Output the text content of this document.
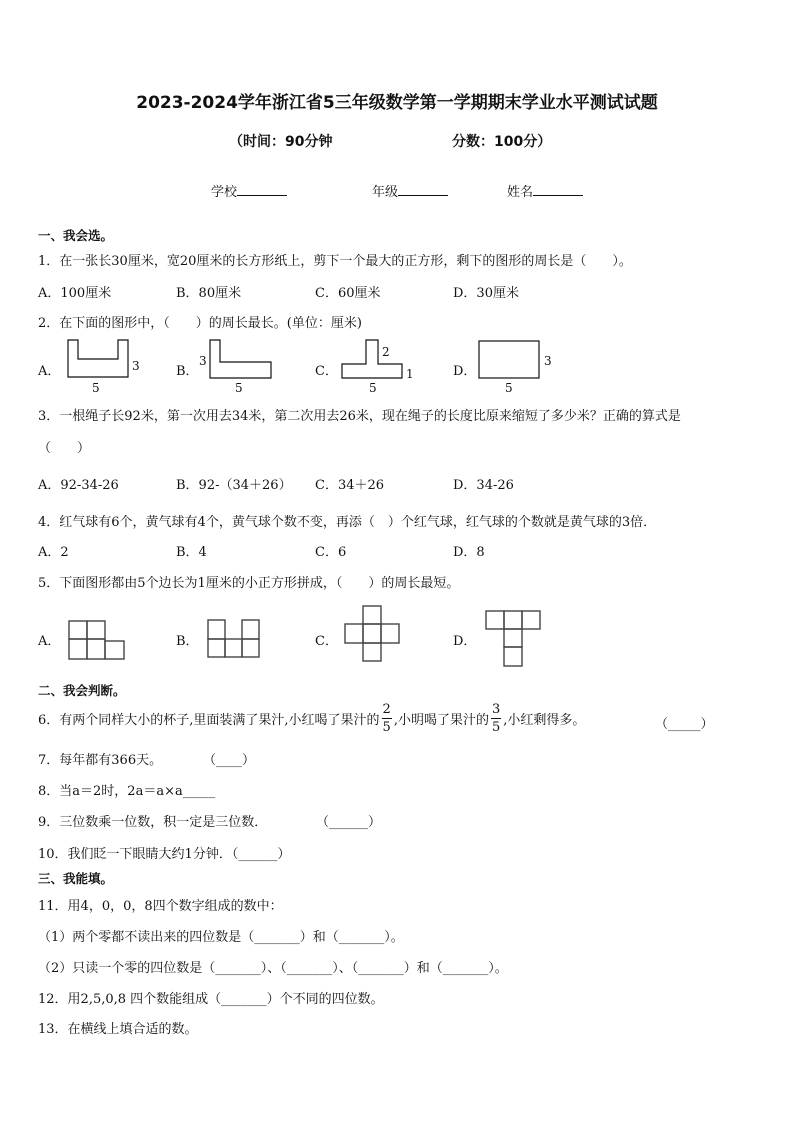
2023-2024学年浙江省5三年级数学第一学期期末学业水平测试试题
（时间：90分钟	分数：100分）
学校	年级	姓名
一、我会选。
1．在一张长30厘米，宽20厘米的长方形纸上，剪下一个最大的正方形，剩下的图形的周长是（　　）。
A．100厘米	B．80厘米	C．60厘米	D．30厘米
2．在下面的图形中，（　　）的周长最长。(单位：厘米)
A．	B．	C．	D．
3
5
3
5
2
1
5
3
5
3．一根绳子长92米，第一次用去34米，第二次用去26米，现在绳子的长度比原来缩短了多少米？正确的算式是
（　　）
A．92-34-26	B．92-（34＋26） C．34＋26	D．34-26
4．红气球有6个，黄气球有4个，黄气球个数不变，再添（　）个红气球，红气球的个数就是黄气球的3倍．
A．2	B．4	C．6	D．8
5．下面图形都由5个边长为1厘米的小正方形拼成，（　　）的周长最短。
A．	B．	C．	D．
二、我会判断。
6．有两个同样大小的杯子,里面装满了果汁,小红喝了果汁的 $\frac{2}{5}$ ,小明喝了果汁的 $\frac{3}{5}$ ,小红剩得多。	（_____）
7．每年都有366天。	（____）
8．当a＝2时，2a＝a×a_____
9．三位数乘一位数，积一定是三位数．	（______）
10．我们眨一下眼睛大约1分钟．（______）
三、我能填。
11．用4，0，0，8四个数字组成的数中：
（1）两个零都不读出来的四位数是（_______）和（_______）。
（2）只读一个零的四位数是（_______）、（_______）、（_______）和（_______）。
12．用2,5,0,8 四个数能组成（_______）个不同的四位数。
13．在横线上填合适的数。
